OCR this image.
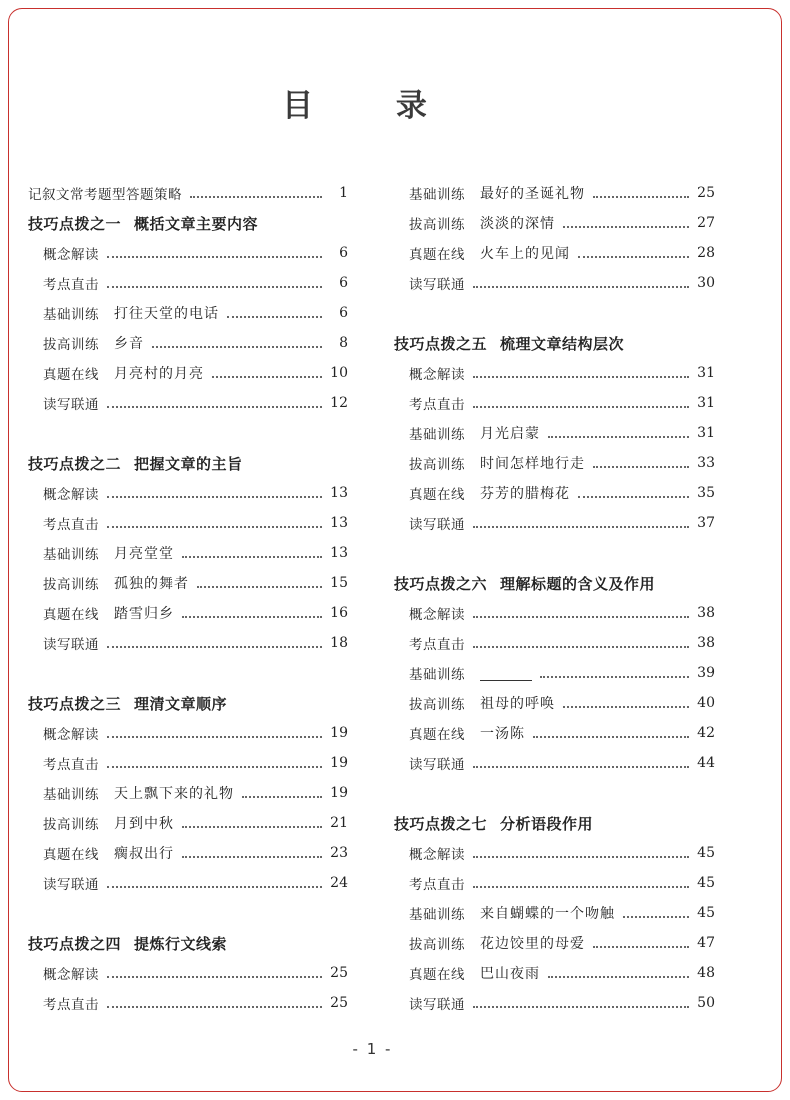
目 录
记叙文常考题型答题策略	1
技巧点拨之一 概括文章主要内容
概念解读	6
考点直击	6
基础训练 打往天堂的电话	6
拔高训练 乡音	8
真题在线 月亮村的月亮	10
读写联通	12
技巧点拨之二 把握文章的主旨
概念解读	13
考点直击	13
基础训练 月亮堂堂	13
拔高训练 孤独的舞者	15
真题在线 踏雪归乡	16
读写联通	18
技巧点拨之三 理清文章顺序
概念解读	19
考点直击	19
基础训练 天上飘下来的礼物	19
拔高训练 月到中秋	21
真题在线 瘸叔出行	23
读写联通	24
技巧点拨之四 提炼行文线索
概念解读	25
考点直击	25
基础训练 最好的圣诞礼物	25
拔高训练 淡淡的深情	27
真题在线 火车上的见闻	28
读写联通	30
技巧点拨之五 梳理文章结构层次
概念解读	31
考点直击	31
基础训练 月光启蒙	31
拔高训练 时间怎样地行走	33
真题在线 芬芳的腊梅花	35
读写联通	37
技巧点拨之六 理解标题的含义及作用
概念解读	38
考点直击	38
基础训练	39
拔高训练 祖母的呼唤	40
真题在线 一汤陈	42
读写联通	44
技巧点拨之七 分析语段作用
概念解读	45
考点直击	45
基础训练 来自蝴蝶的一个吻触	45
拔高训练 花边饺里的母爱	47
真题在线 巴山夜雨	48
读写联通	50
- 1 -
